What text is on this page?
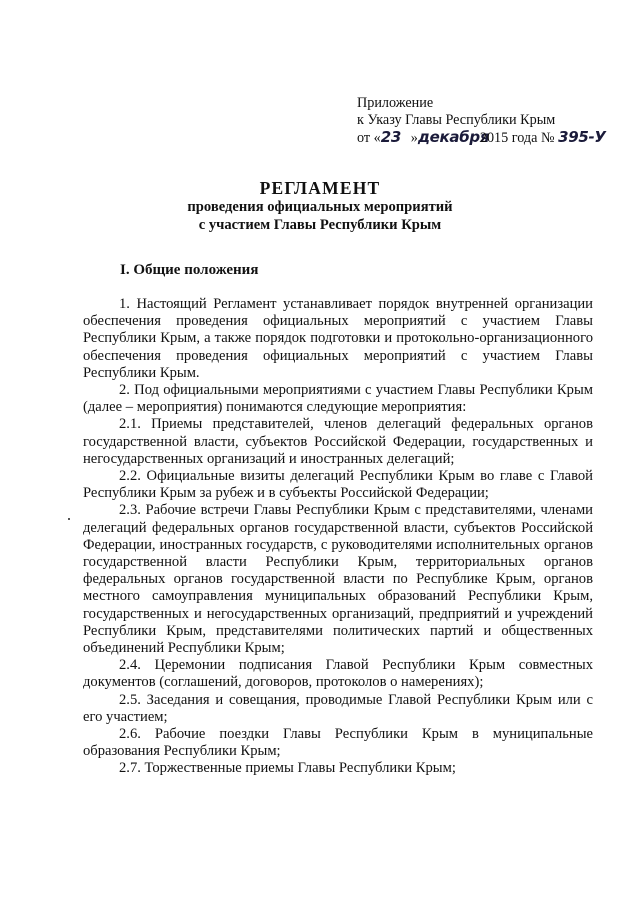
Приложение
к Указу Главы Республики Крым
от «23 »декабря2015 года № 395-У
РЕГЛАМЕНТ
проведения официальных мероприятий
с участием Главы Республики Крым
I. Общие положения

1. Настоящий Регламент устанавливает порядок внутренней организации обеспечения проведения официальных мероприятий с участием Главы Республики Крым, а также порядок подготовки и протокольно-организационного обеспечения проведения официальных мероприятий с участием Главы Республики Крым.

2. Под официальными мероприятиями с участием Главы Республики Крым (далее – мероприятия) понимаются следующие мероприятия:

2.1. Приемы представителей, членов делегаций федеральных органов государственной власти, субъектов Российской Федерации, государственных и негосударственных организаций и иностранных делегаций;

2.2. Официальные визиты делегаций Республики Крым во главе с Главой Республики Крым за рубеж и в субъекты Российской Федерации;

2.3. Рабочие встречи Главы Республики Крым с представителями, членами делегаций федеральных органов государственной власти, субъектов Российской Федерации, иностранных государств, с руководителями исполнительных органов государственной власти Республики Крым, территориальных органов федеральных органов государственной власти по Республике Крым, органов местного самоуправления муниципальных образований Республики Крым, государственных и негосударственных организаций, предприятий и учреждений Республики Крым, представителями политических партий и общественных объединений Республики Крым;

2.4. Церемонии подписания Главой Республики Крым совместных документов (соглашений, договоров, протоколов о намерениях);

2.5. Заседания и совещания, проводимые Главой Республики Крым или с его участием;

2.6. Рабочие поездки Главы Республики Крым в муниципальные образования Республики Крым;

2.7. Торжественные приемы Главы Республики Крым;
